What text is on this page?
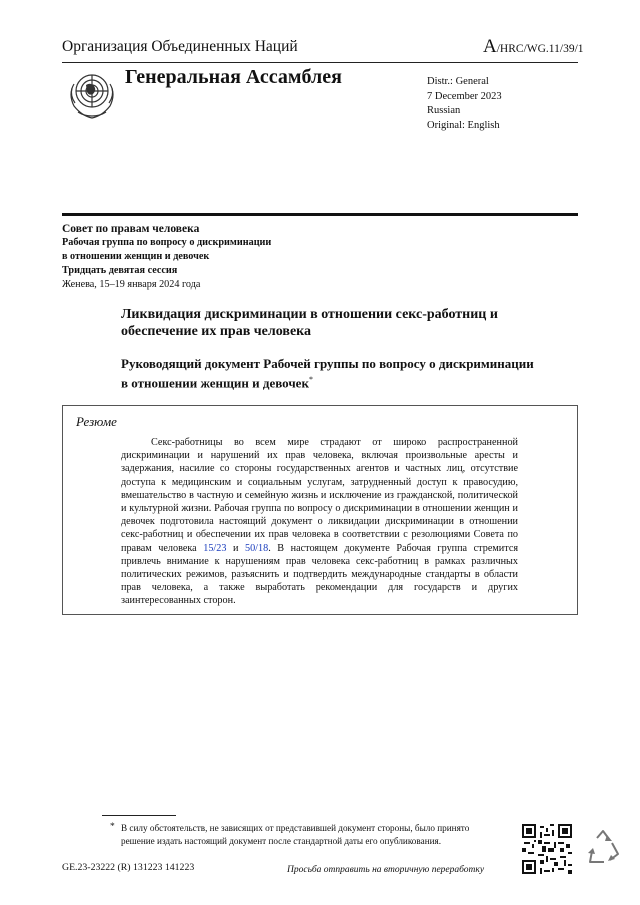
Организация Объединенных Наций	A/HRC/WG.11/39/1
Генеральная Ассамблея	Distr.: General
7 December 2023
Russian
Original: English
Совет по правам человека
Рабочая группа по вопросу о дискриминации
в отношении женщин и девочек
Тридцать девятая сессия
Женева, 15–19 января 2024 года
Ликвидация дискриминации в отношении секс-работниц и обеспечение их прав человека
Руководящий документ Рабочей группы по вопросу о дискриминации в отношении женщин и девочек*
Резюме
Секс-работницы во всем мире страдают от широко распространенной дискриминации и нарушений их прав человека, включая произвольные аресты и задержания, насилие со стороны государственных агентов и частных лиц, отсутствие доступа к медицинским и социальным услугам, затрудненный доступ к правосудию, вмешательство в частную и семейную жизнь и исключение из гражданской, политической и культурной жизни. Рабочая группа по вопросу о дискриминации в отношении женщин и девочек подготовила настоящий документ о ликвидации дискриминации в отношении секс-работниц и обеспечении их прав человека в соответствии с резолюциями Совета по правам человека 15/23 и 50/18. В настоящем документе Рабочая группа стремится привлечь внимание к нарушениям прав человека секс-работниц в рамках различных политических режимов, разъяснить и подтвердить международные стандарты в области прав человека, а также выработать рекомендации для государств и других заинтересованных сторон.
* В силу обстоятельств, не зависящих от представившей документ стороны, было принято решение издать настоящий документ после стандартной даты его опубликования.
GE.23-23222 (R) 131223 141223	Просьба отправить на вторичную переработку
